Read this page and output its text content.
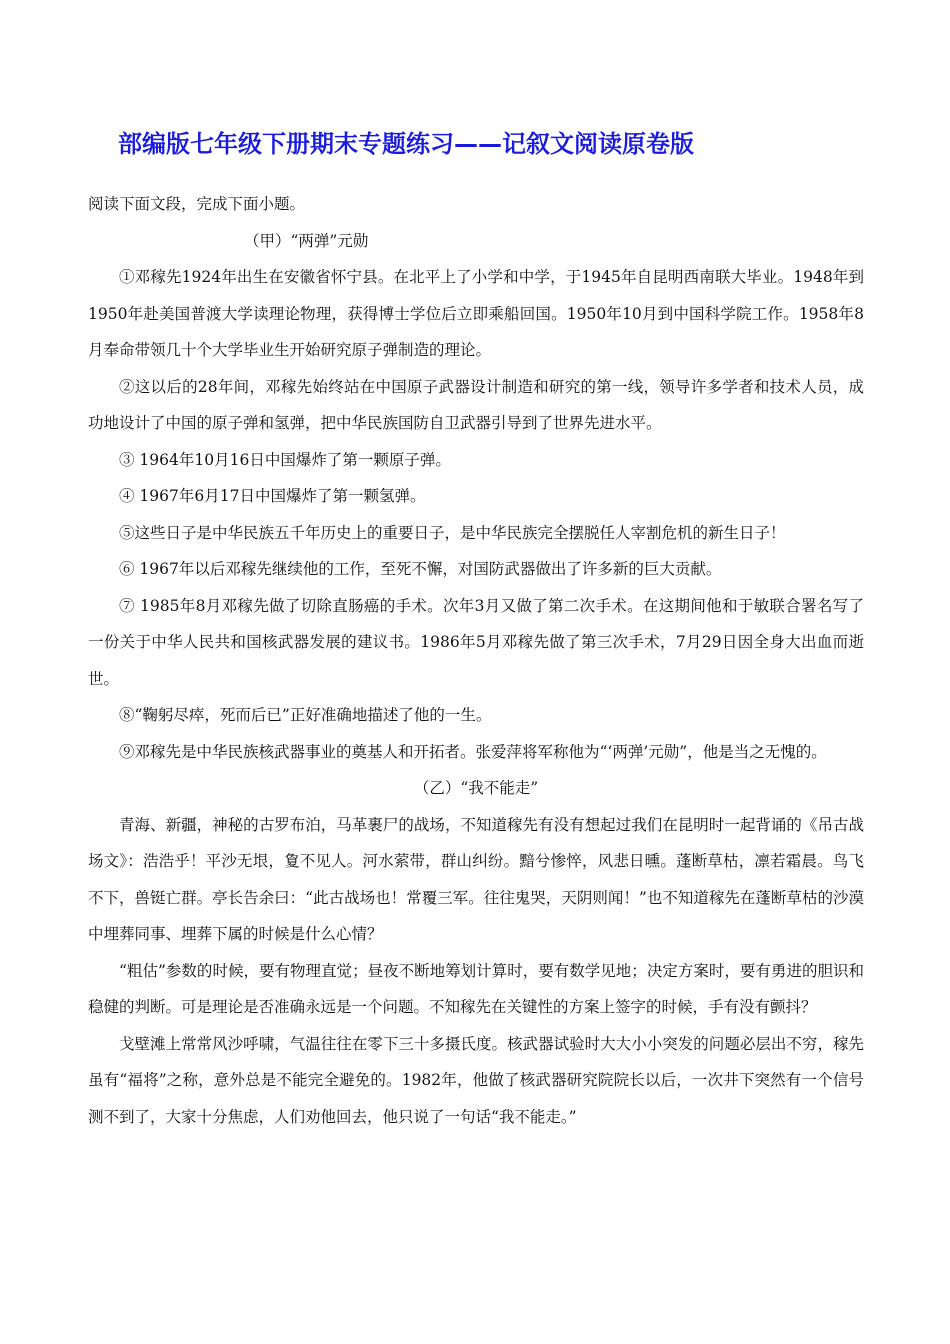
部编版七年级下册期末专题练习——记叙文阅读原卷版

阅读下面文段，完成下面小题。

（甲）“两弹”元勋

①邓稼先1924年出生在安徽省怀宁县。在北平上了小学和中学，于1945年自昆明西南联大毕业。1948年到1950年赴美国普渡大学读理论物理，获得博士学位后立即乘船回国。1950年10月到中国科学院工作。1958年8月奉命带领几十个大学毕业生开始研究原子弹制造的理论。

②这以后的28年间，邓稼先始终站在中国原子武器设计制造和研究的第一线，领导许多学者和技术人员，成功地设计了中国的原子弹和氢弹，把中华民族国防自卫武器引导到了世界先进水平。

③ 1964年10月16日中国爆炸了第一颗原子弹。

④ 1967年6月17日中国爆炸了第一颗氢弹。

⑤这些日子是中华民族五千年历史上的重要日子，是中华民族完全摆脱任人宰割危机的新生日子！

⑥ 1967年以后邓稼先继续他的工作，至死不懈，对国防武器做出了许多新的巨大贡献。

⑦ 1985年8月邓稼先做了切除直肠癌的手术。次年3月又做了第二次手术。在这期间他和于敏联合署名写了一份关于中华人民共和国核武器发展的建议书。1986年5月邓稼先做了第三次手术，7月29日因全身大出血而逝世。

⑧“鞠躬尽瘁，死而后已”正好准确地描述了他的一生。

⑨邓稼先是中华民族核武器事业的奠基人和开拓者。张爱萍将军称他为“‘两弹’元勋”，他是当之无愧的。

（乙）“我不能走”

青海、新疆，神秘的古罗布泊，马革裹尸的战场，不知道稼先有没有想起过我们在昆明时一起背诵的《吊古战场文》：浩浩乎！平沙无垠，夐不见人。河水萦带，群山纠纷。黯兮惨悴，风悲日曛。蓬断草枯，凛若霜晨。鸟飞不下，兽铤亡群。亭长告余曰：“此古战场也！常覆三军。往往鬼哭，天阴则闻！”也不知道稼先在蓬断草枯的沙漠中埋葬同事、埋葬下属的时候是什么心情？

“粗估”参数的时候，要有物理直觉；昼夜不断地筹划计算时，要有数学见地；决定方案时，要有勇进的胆识和稳健的判断。可是理论是否准确永远是一个问题。不知稼先在关键性的方案上签字的时候，手有没有颤抖？

戈壁滩上常常风沙呼啸，气温往往在零下三十多摄氏度。核武器试验时大大小小突发的问题必层出不穷，稼先虽有“福将”之称，意外总是不能完全避免的。1982年，他做了核武器研究院院长以后，一次井下突然有一个信号测不到了，大家十分焦虑，人们劝他回去，他只说了一句话“我不能走。”
